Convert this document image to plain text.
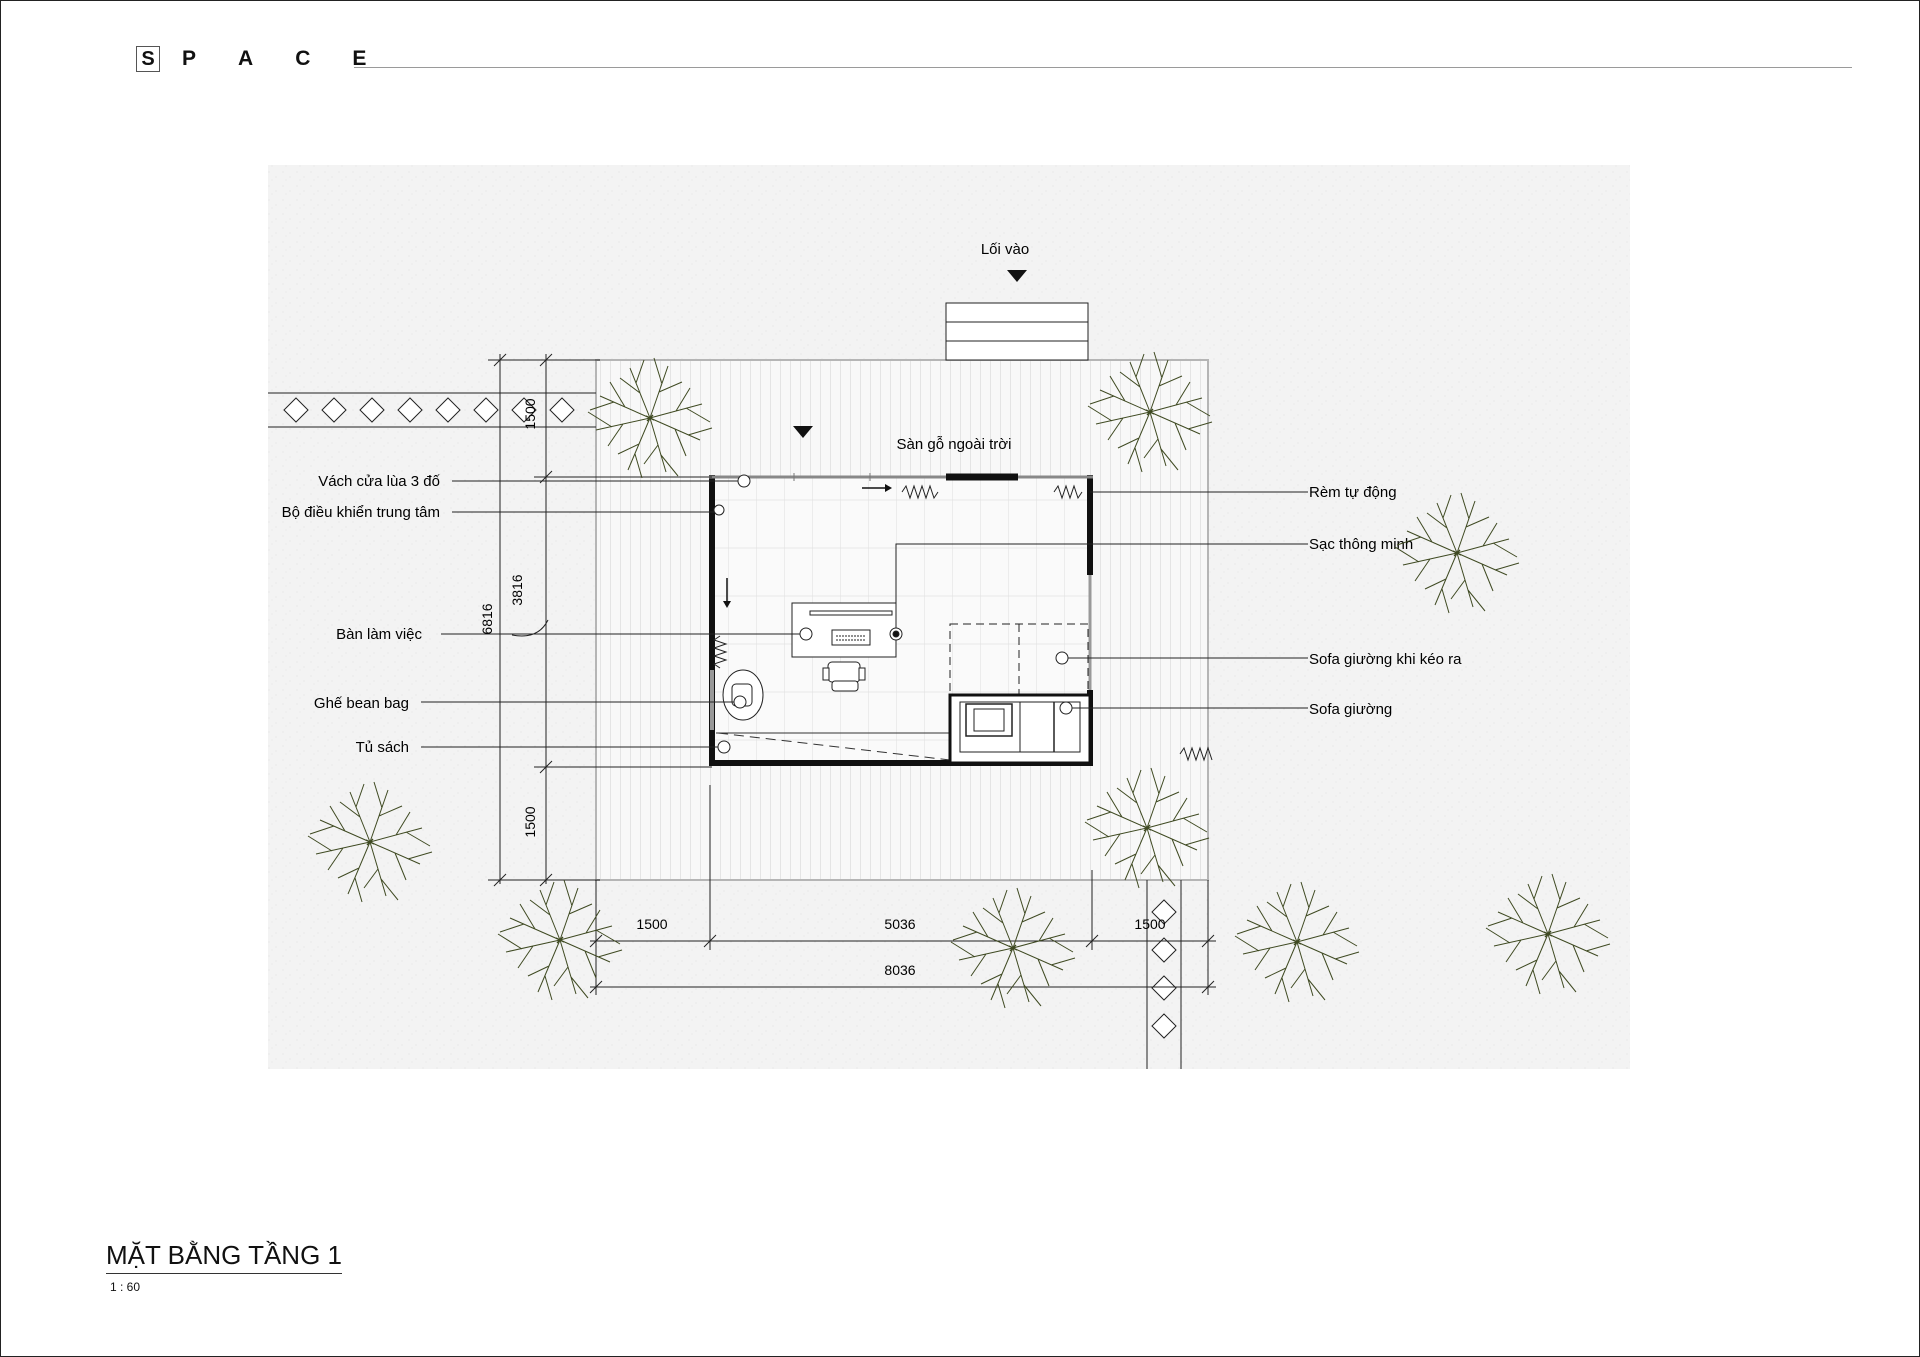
S P A C E
Lối vào
Sàn gỗ ngoài trời
Vách cửa lùa 3 đố
Bộ điều khiển trung tâm
Bàn làm việc
Ghế bean bag
Tủ sách
Rèm tự động
Sạc thông minh
Sofa giường khi kéo ra
Sofa giường
6816
3816
1500
1500
1500	5036	1500
8036
MẶT BẰNG TẦNG 1
1 : 60
